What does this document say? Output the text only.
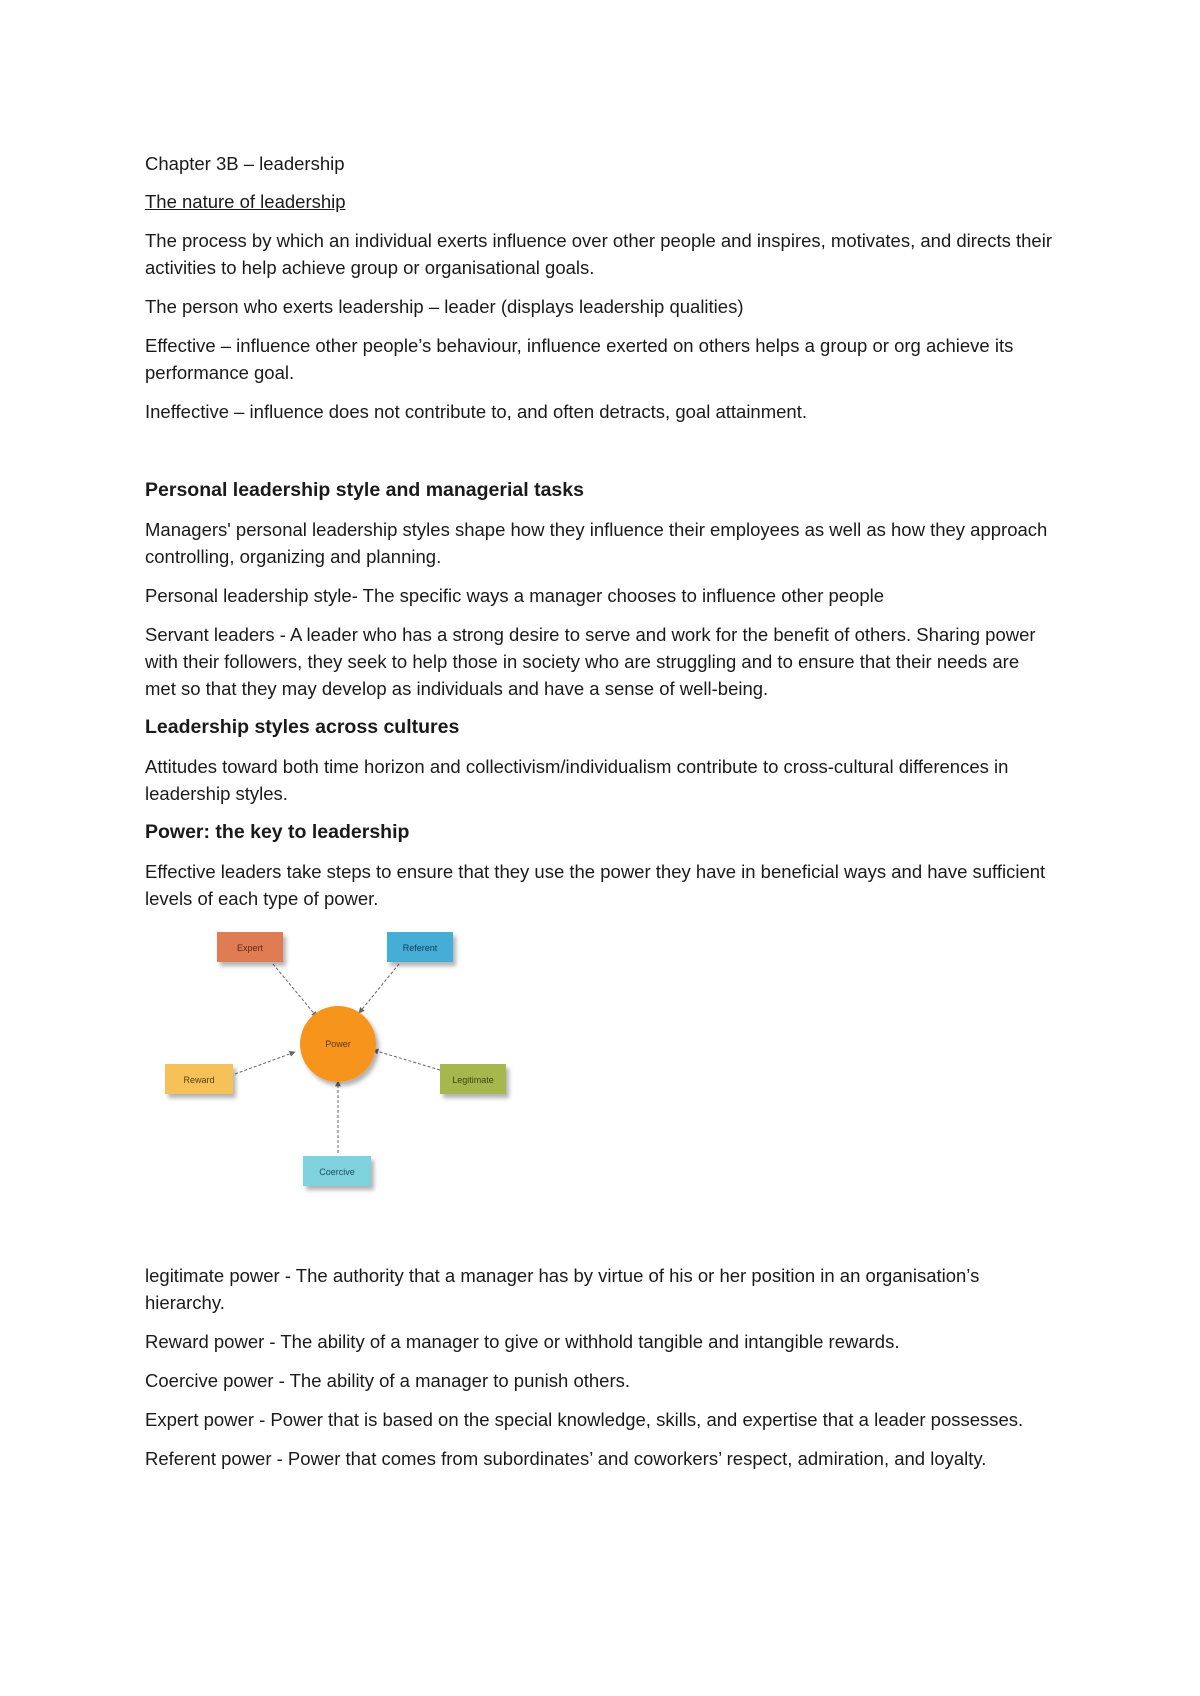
Chapter 3B – leadership

The nature of leadership

The process by which an individual exerts influence over other people and inspires, motivates, and directs their activities to help achieve group or organisational goals.

The person who exerts leadership – leader (displays leadership qualities)

Effective – influence other people’s behaviour, influence exerted on others helps a group or org achieve its performance goal.

Ineffective – influence does not contribute to, and often detracts, goal attainment.

Personal leadership style and managerial tasks

Managers' personal leadership styles shape how they influence their employees as well as how they approach controlling, organizing and planning.

Personal leadership style- The specific ways a manager chooses to influence other people

Servant leaders - A leader who has a strong desire to serve and work for the benefit of others. Sharing power with their followers, they seek to help those in society who are struggling and to ensure that their needs are met so that they may develop as individuals and have a sense of well-being.

Leadership styles across cultures

Attitudes toward both time horizon and collectivism/individualism contribute to cross-cultural differences in leadership styles.

Power: the key to leadership

Effective leaders take steps to ensure that they use the power they have in beneficial ways and have sufficient levels of each type of power.

Power
Expert	Referent
Reward	Legitimate
Coercive

legitimate power - The authority that a manager has by virtue of his or her position in an organisation’s hierarchy.

Reward power - The ability of a manager to give or withhold tangible and intangible rewards.

Coercive power - The ability of a manager to punish others.

Expert power - Power that is based on the special knowledge, skills, and expertise that a leader possesses.

Referent power - Power that comes from subordinates’ and coworkers’ respect, admiration, and loyalty.
